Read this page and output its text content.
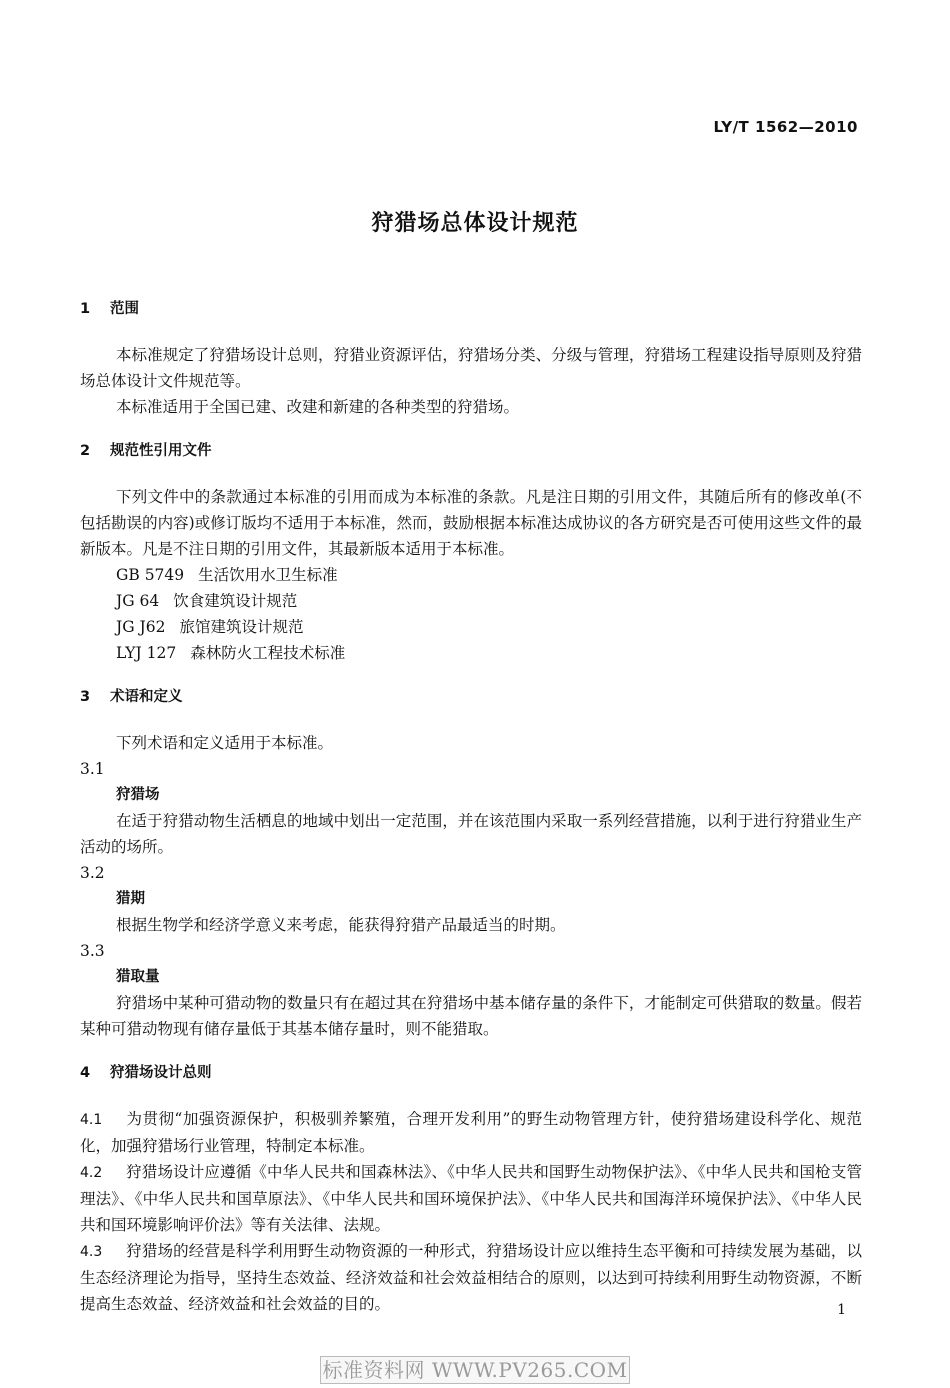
LY/T 1562—2010
狩猎场总体设计规范
1 范围

本标准规定了狩猎场设计总则，狩猎业资源评估，狩猎场分类、分级与管理，狩猎场工程建设指导原则及狩猎场总体设计文件规范等。

本标准适用于全国已建、改建和新建的各种类型的狩猎场。

2 规范性引用文件

下列文件中的条款通过本标准的引用而成为本标准的条款。凡是注日期的引用文件，其随后所有的修改单(不包括勘误的内容)或修订版均不适用于本标准，然而，鼓励根据本标准达成协议的各方研究是否可使用这些文件的最新版本。凡是不注日期的引用文件，其最新版本适用于本标准。

GB 5749 生活饮用水卫生标准

JG 64 饮食建筑设计规范

JG J62 旅馆建筑设计规范

LYJ 127 森林防火工程技术标准

3 术语和定义

下列术语和定义适用于本标准。

3.1

狩猎场

在适于狩猎动物生活栖息的地域中划出一定范围，并在该范围内采取一系列经营措施，以利于进行狩猎业生产活动的场所。

3.2

猎期

根据生物学和经济学意义来考虑，能获得狩猎产品最适当的时期。

3.3

猎取量

狩猎场中某种可猎动物的数量只有在超过其在狩猎场中基本储存量的条件下，才能制定可供猎取的数量。假若某种可猎动物现有储存量低于其基本储存量时，则不能猎取。

4 狩猎场设计总则

4.1 为贯彻“加强资源保护，积极驯养繁殖，合理开发利用”的野生动物管理方针，使狩猎场建设科学化、规范化，加强狩猎场行业管理，特制定本标准。

4.2 狩猎场设计应遵循《中华人民共和国森林法》、《中华人民共和国野生动物保护法》、《中华人民共和国枪支管理法》、《中华人民共和国草原法》、《中华人民共和国环境保护法》、《中华人民共和国海洋环境保护法》、《中华人民共和国环境影响评价法》等有关法律、法规。

4.3 狩猎场的经营是科学利用野生动物资源的一种形式，狩猎场设计应以维持生态平衡和可持续发展为基础，以生态经济理论为指导，坚持生态效益、经济效益和社会效益相结合的原则，以达到可持续利用野生动物资源，不断提高生态效益、经济效益和社会效益的目的。	1
标准资料网 WWW.PV265.COM
